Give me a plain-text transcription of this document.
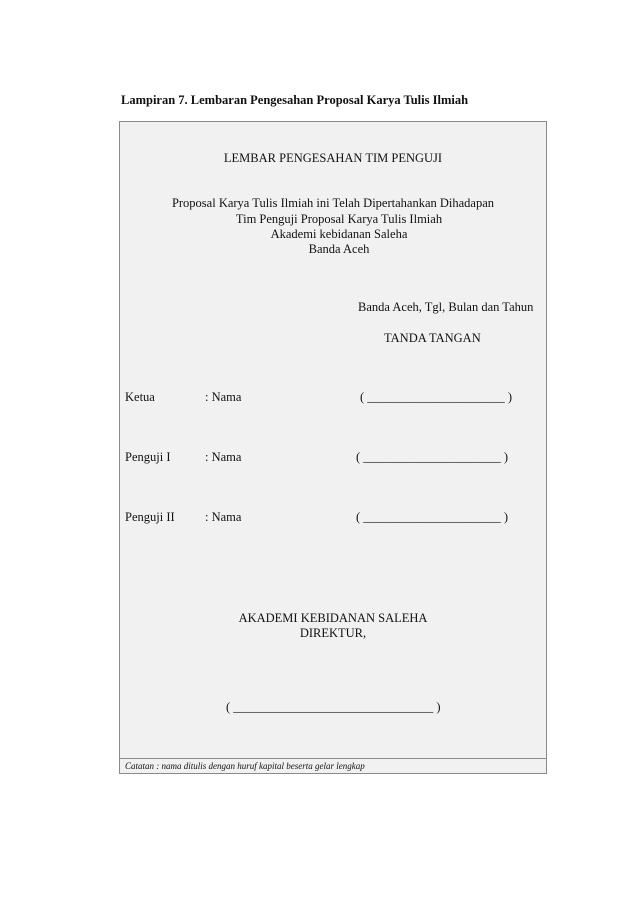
Lampiran 7. Lembaran Pengesahan Proposal Karya Tulis Ilmiah
LEMBAR PENGESAHAN TIM PENGUJI
Proposal Karya Tulis Ilmiah ini Telah Dipertahankan Dihadapan
Tim Penguji Proposal Karya Tulis Ilmiah
Akademi kebidanan Saleha
Banda Aceh
Banda Aceh, Tgl, Bulan dan Tahun
TANDA TANGAN
Ketua	: Nama	( ______________________ )
Penguji I	: Nama	( ______________________ )
Penguji II : Nama	( ______________________ )
AKADEMI KEBIDANAN SALEHA
DIREKTUR,
( ________________________________ )
Catatan : nama ditulis dengan huruf kapital beserta gelar lengkap
